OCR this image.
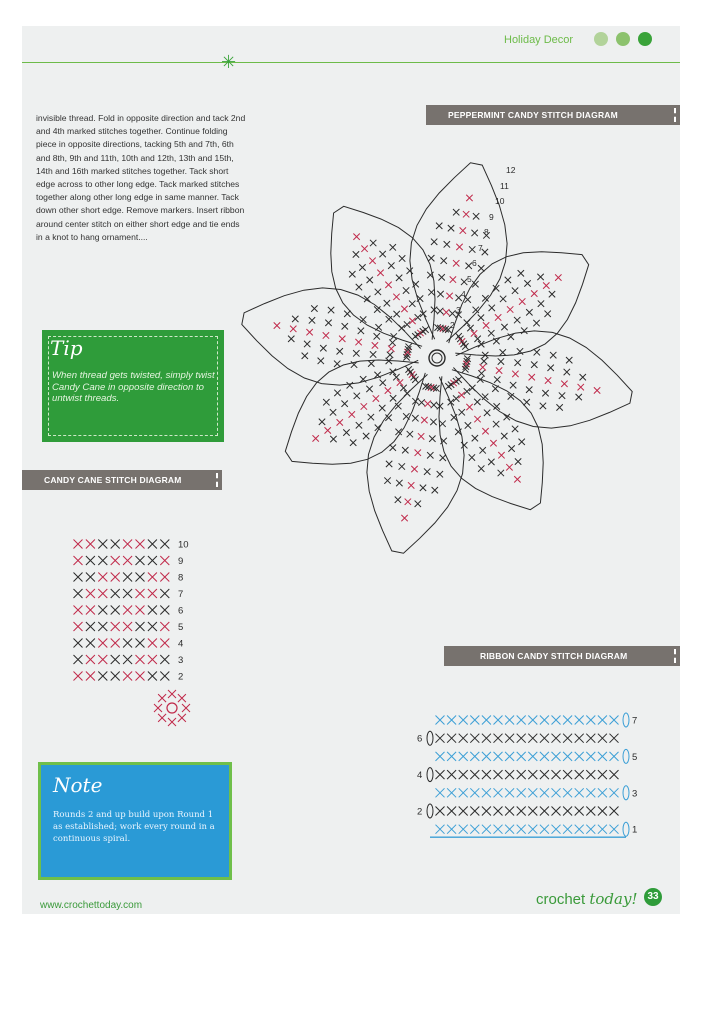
✳
Holiday Decor
invisible thread. Fold in opposite direction and tack 2nd and 4th marked stitches together. Continue folding piece in opposite directions, tacking 5th and 7th, 6th and 8th, 9th and 11th, 10th and 12th, 13th and 15th, 14th and 16th marked stitches together. Tack short edge across to other long edge. Tack marked stitches together along other long edge in same manner. Tack down other short edge. Remove markers. Insert ribbon around center stitch on either short edge and tie ends in a knot to hang ornament....
PEPPERMINT CANDY STITCH DIAGRAM
Tip
When thread gets twisted, simply twist Candy Cane in opposite direction to untwist threads.
CANDY CANE STITCH DIAGRAM
RIBBON CANDY STITCH DIAGRAM
Note
Rounds 2 and up build upon Round 1 as established; work every round in a continuous spiral.
www.crochettoday.com	crochet today! 33
2
3
4
5
6
7
8
9
10
11
12
10
9
8
7
6
5
4
3
2
7
5
3
1
6
4
2
